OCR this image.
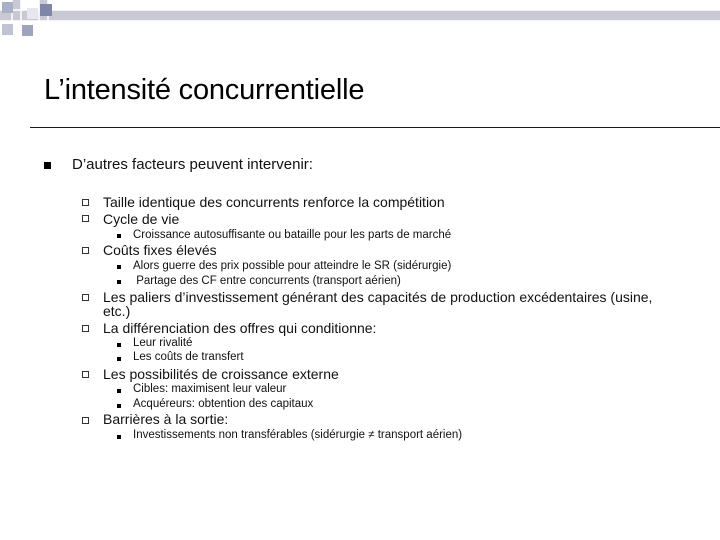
L’intensité concurrentielle
D’autres facteurs peuvent intervenir:
Taille identique des concurrents renforce la compétition
Cycle de vie
Croissance autosuffisante ou bataille pour les parts de marché
Coûts fixes élevés
Alors guerre des prix possible pour atteindre le SR (sidérurgie)
Partage des CF entre concurrents (transport aérien)
Les paliers d’investissement générant des capacités de production excédentaires (usine,
etc.)
La différenciation des offres qui conditionne:
Leur rivalité
Les coûts de transfert
Les possibilités de croissance externe
Cibles: maximisent leur valeur
Acquéreurs: obtention des capitaux
Barrières à la sortie:
Investissements non transférables (sidérurgie ≠ transport aérien)
